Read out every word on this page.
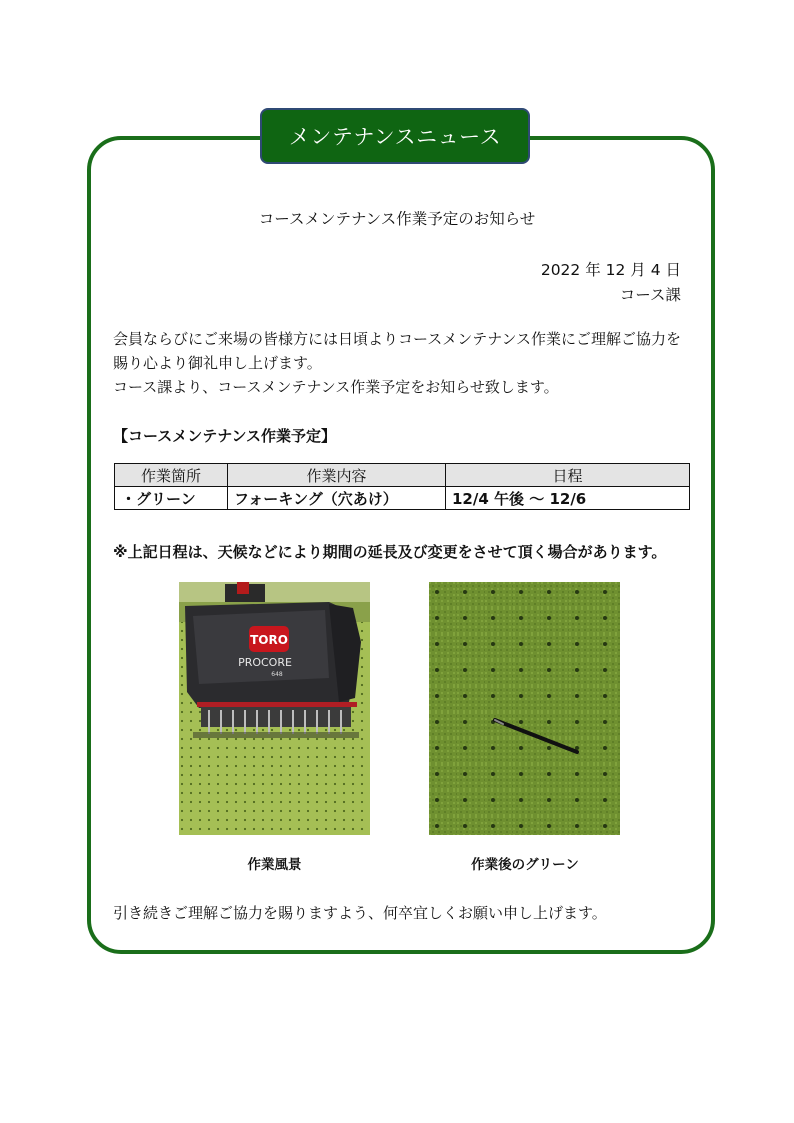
メンテナンスニュース
コースメンテナンス作業予定のお知らせ
2022 年 12 月 4 日
コース課
会員ならびにご来場の皆様方には日頃よりコースメンテナンス作業にご理解ご協力を
賜り心より御礼申し上げます。
コース課より、コースメンテナンス作業予定をお知らせ致します。
【コースメンテナンス作業予定】
作業箇所	作業内容	日程
・グリーン	フォーキング（穴あけ）	12/4 午後 〜 12/6
※上記日程は、天候などにより期間の延長及び変更をさせて頂く場合があります。
TORO
PROCORE
648
作業風景	作業後のグリーン
引き続きご理解ご協力を賜りますよう、何卒宜しくお願い申し上げます。
